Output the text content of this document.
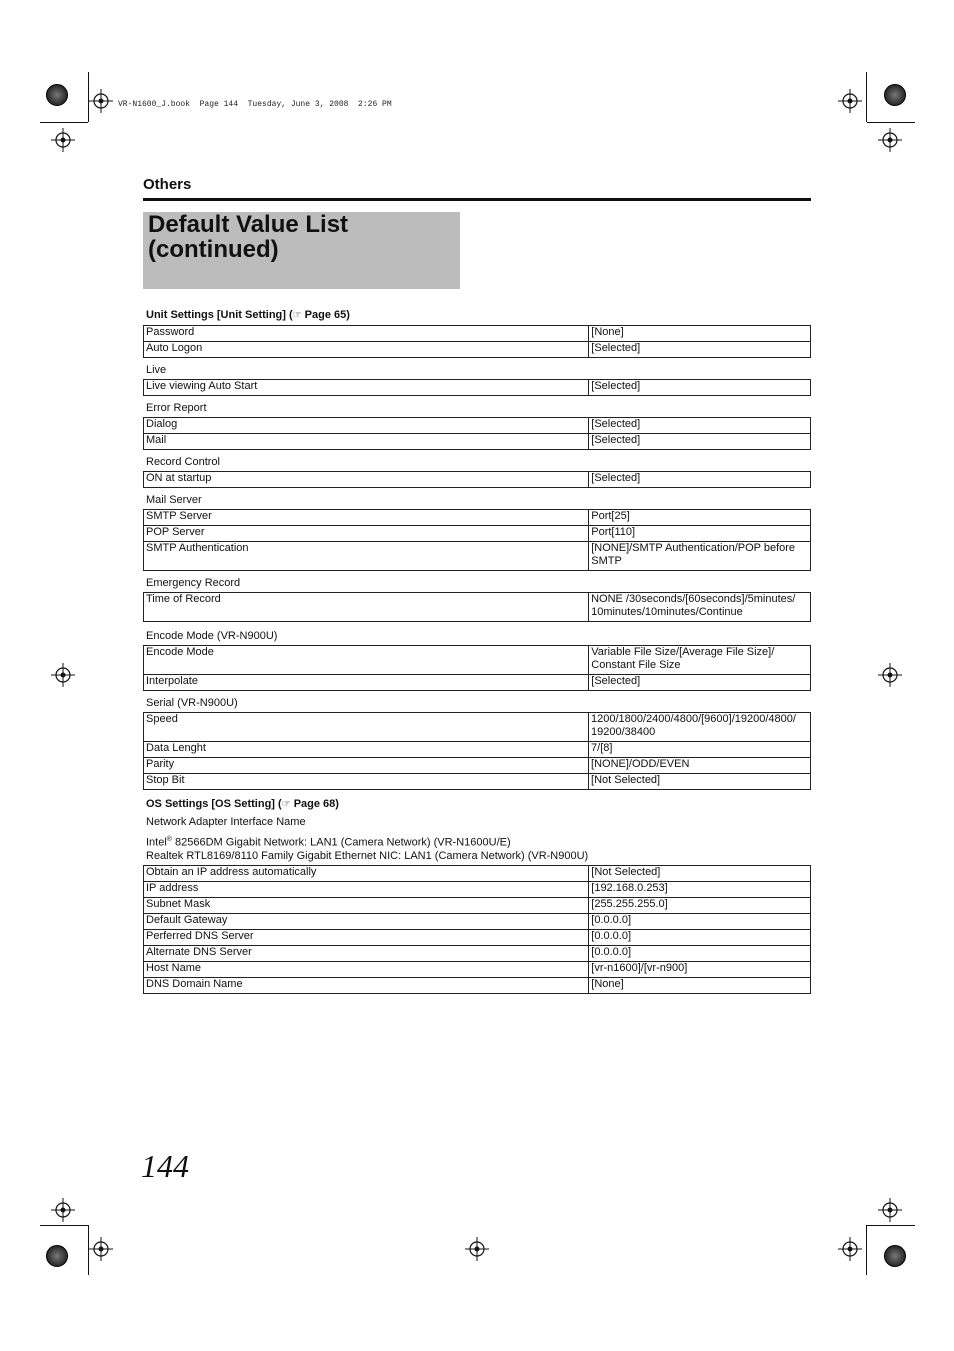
VR-N1600_J.book  Page 144  Tuesday, June 3, 2008  2:26 PM
Others
Default Value List
(continued)
Unit Settings [Unit Setting] (☞ Page 65)
Password	[None]
Auto Logon	[Selected]
Live
Live viewing Auto Start	[Selected]
Error Report
Dialog	[Selected]
Mail	[Selected]
Record Control
ON at startup	[Selected]
Mail Server
SMTP Server	Port[25]
POP Server	Port[110]
SMTP Authentication	[NONE]/SMTP Authentication/POP before SMTP
Emergency Record
Time of Record	NONE /30seconds/[60seconds]/5minutes/ 10minutes/10minutes/Continue
Encode Mode (VR-N900U)
Encode Mode	Variable File Size/[Average File Size]/ Constant File Size
Interpolate	[Selected]
Serial (VR-N900U)
Speed	1200/1800/2400/4800/[9600]/19200/4800/ 19200/38400
Data Lenght	7/[8]
Parity	[NONE]/ODD/EVEN
Stop Bit	[Not Selected]
OS Settings [OS Setting] (☞ Page 68)
Network Adapter Interface Name
Intel® 82566DM Gigabit Network: LAN1 (Camera Network) (VR-N1600U/E)
Realtek RTL8169/8110 Family Gigabit Ethernet NIC: LAN1 (Camera Network) (VR-N900U)
Obtain an IP address automatically	[Not Selected]
IP address	[192.168.0.253]
Subnet Mask	[255.255.255.0]
Default Gateway	[0.0.0.0]
Perferred DNS Server	[0.0.0.0]
Alternate DNS Server	[0.0.0.0]
Host Name	[vr-n1600]/[vr-n900]
DNS Domain Name	[None]
144
